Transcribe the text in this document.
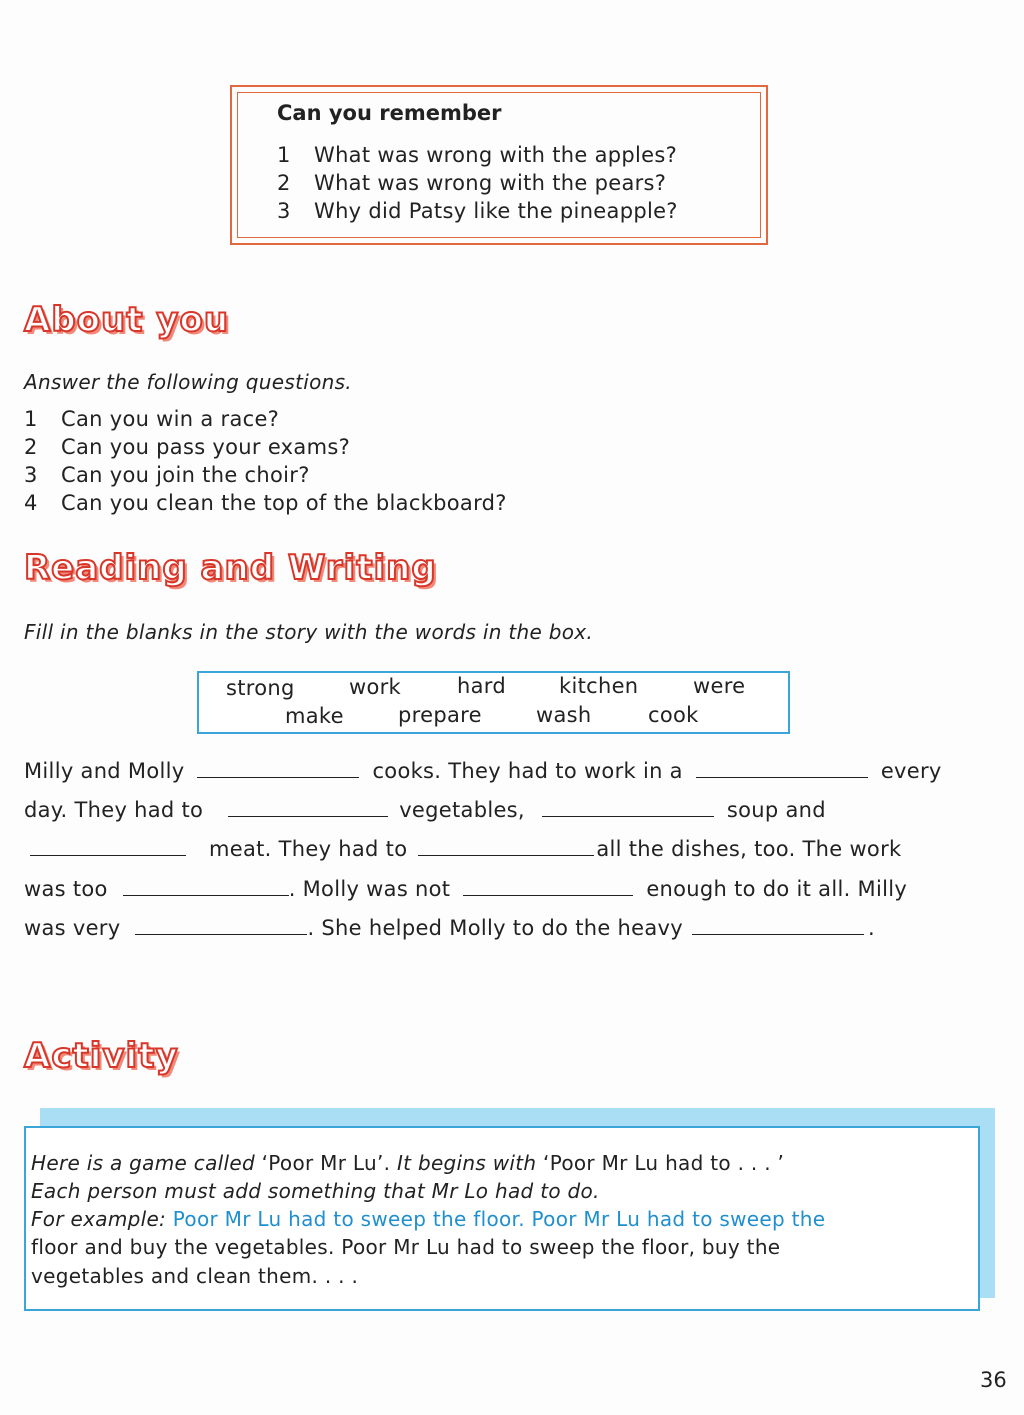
Can you remember
1 What was wrong with the apples?
2 What was wrong with the pears?
3 Why did Patsy like the pineapple?
About you
Answer the following questions.
1 Can you win a race?
2 Can you pass your exams?
3 Can you join the choir?
4 Can you clean the top of the blackboard?
Reading and Writing
Fill in the blanks in the story with the words in the box.
strong	work	hard	kitchen	were
make	prepare	wash	cook
Milly and Molly	cooks. They had to work in a	every
day. They had to	vegetables,	soup and
meat. They had to	all the dishes, too. The work
was too	. Molly was not	enough to do it all. Milly
was very	. She helped Molly to do the heavy	.
Activity
Here is a game called ‘Poor Mr Lu’. It begins with ‘Poor Mr Lu had to . . . ’
Each person must add something that Mr Lo had to do.
For example: Poor Mr Lu had to sweep the floor. Poor Mr Lu had to sweep the
floor and buy the vegetables. Poor Mr Lu had to sweep the floor, buy the
vegetables and clean them. . . .
36
